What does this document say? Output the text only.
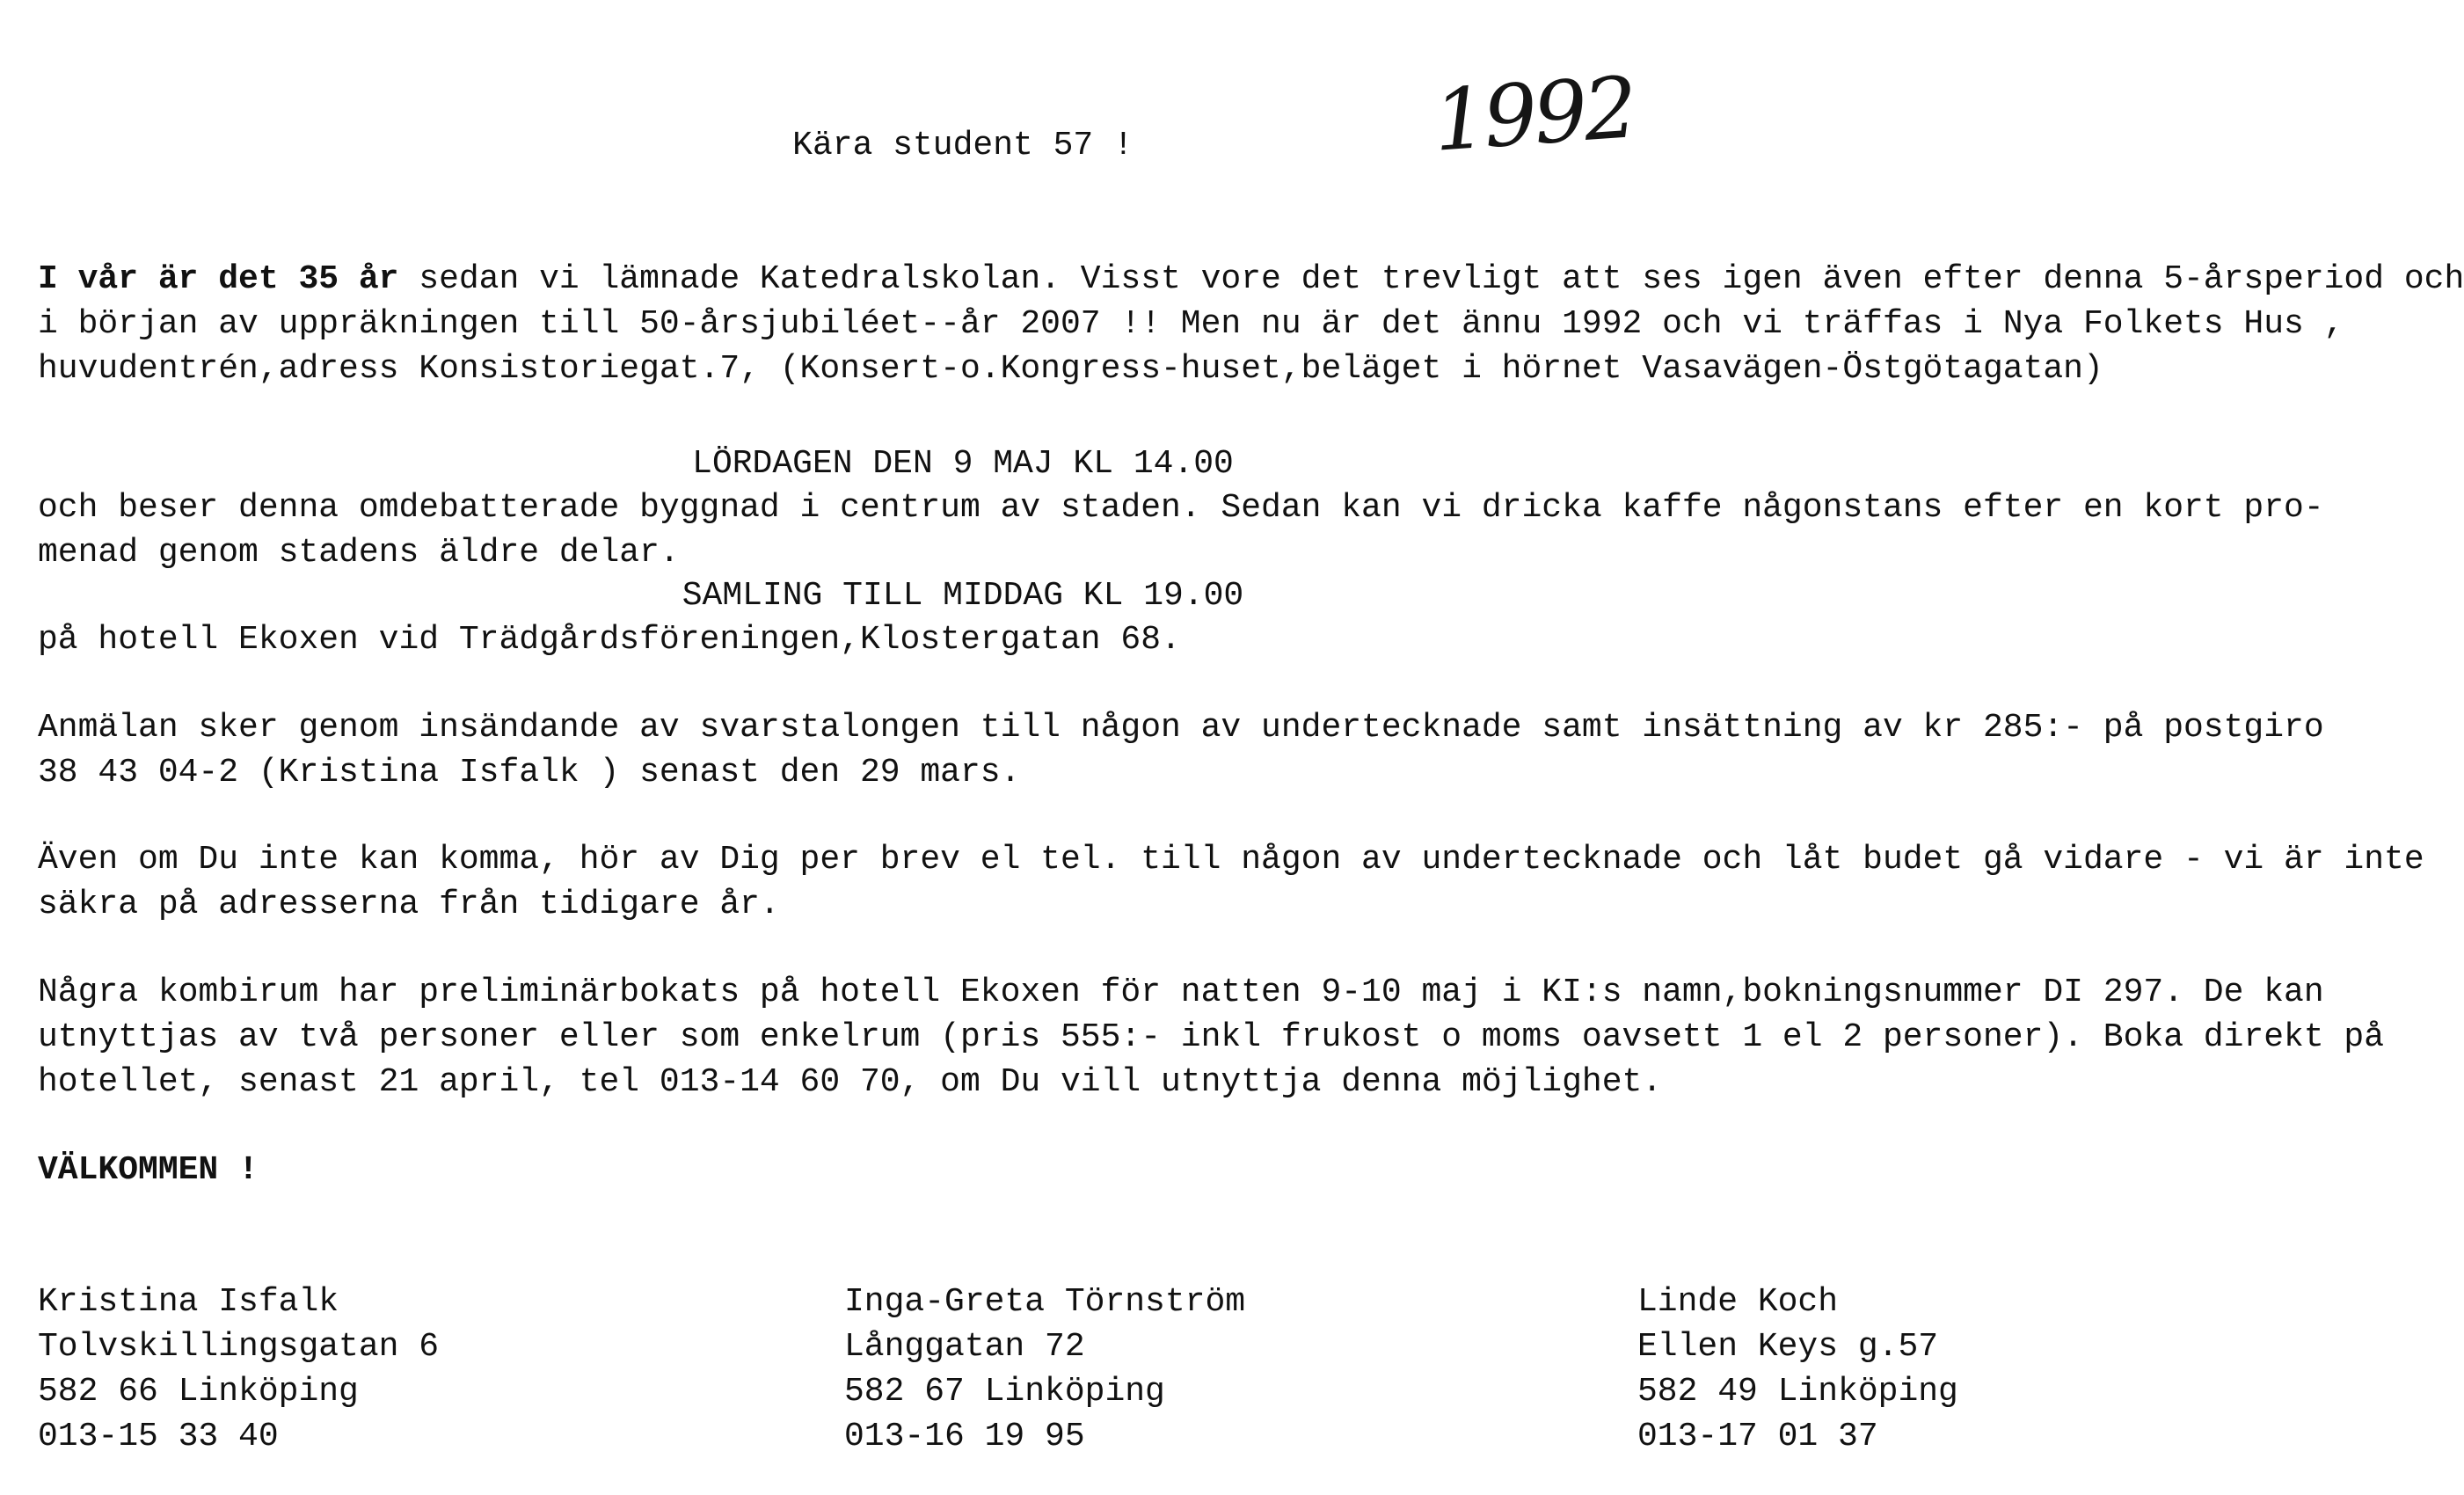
Kära student 57 !	1992
I vår är det 35 år sedan vi lämnade Katedralskolan. Visst vore det trevligt att ses igen även efter denna 5-årsperiod och
i början av uppräkningen till 50-årsjubiléet--år 2007 !! Men nu är det ännu 1992 och vi träffas i Nya Folkets Hus ,
huvudentrén,adress Konsistoriegat.7, (Konsert-o.Kongress-huset,beläget i hörnet Vasavägen-Östgötagatan)
LÖRDAGEN DEN 9 MAJ KL 14.00
och beser denna omdebatterade byggnad i centrum av staden. Sedan kan vi dricka kaffe någonstans efter en kort pro-
menad genom stadens äldre delar.
SAMLING TILL MIDDAG KL 19.00
på hotell Ekoxen vid Trädgårdsföreningen,Klostergatan 68.
Anmälan sker genom insändande av svarstalongen till någon av undertecknade samt insättning av kr 285:- på postgiro
38 43 04-2 (Kristina Isfalk ) senast den 29 mars.
Även om Du inte kan komma, hör av Dig per brev el tel. till någon av undertecknade och låt budet gå vidare - vi är inte
säkra på adresserna från tidigare år.
Några kombirum har preliminärbokats på hotell Ekoxen för natten 9-10 maj i KI:s namn,bokningsnummer DI 297. De kan
utnyttjas av två personer eller som enkelrum (pris 555:- inkl frukost o moms oavsett 1 el 2 personer). Boka direkt på
hotellet, senast 21 april, tel 013-14 60 70, om Du vill utnyttja denna möjlighet.
VÄLKOMMEN !
Kristina Isfalk
Tolvskillingsgatan 6
582 66 Linköping
013-15 33 40
Inga-Greta Törnström
Långgatan 72
582 67 Linköping
013-16 19 95
Linde Koch
Ellen Keys g.57
582 49 Linköping
013-17 01 37
